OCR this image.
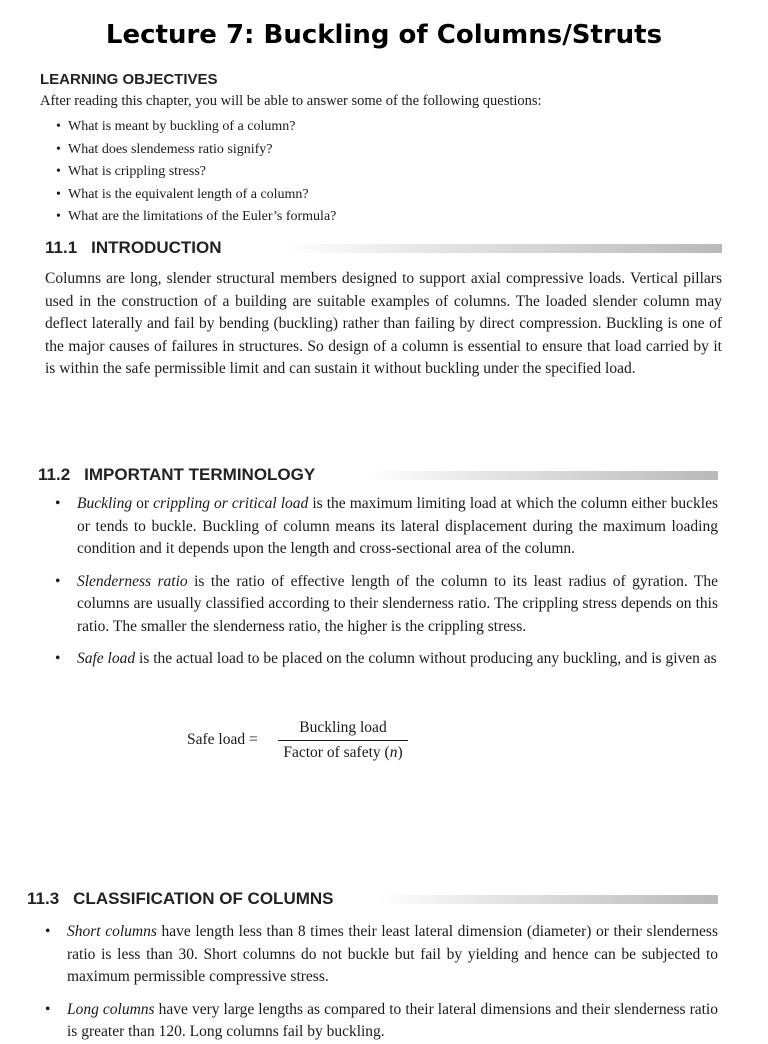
Lecture 7: Buckling of Columns/Struts
LEARNING OBJECTIVES
After reading this chapter, you will be able to answer some of the following questions:
• What is meant by buckling of a column?
• What does slendemess ratio signify?
• What is crippling stress?
• What is the equivalent length of a column?
• What are the limitations of the Euler’s formula?
11.1 INTRODUCTION

Columns are long, slender structural members designed to support axial compressive loads. Vertical pillars used in the construction of a building are suitable examples of columns. The loaded slender column may deflect laterally and fail by bending (buckling) rather than failing by direct compression. Buckling is one of the major causes of failures in structures. So design of a column is essential to ensure that load carried by it is within the safe permissible limit and can sustain it without buckling under the specified load.

11.2 IMPORTANT TERMINOLOGY
• Buckling or crippling or critical load is the maximum limiting load at which the column either buckles or tends to buckle. Buckling of column means its lateral displacement during the maximum loading condition and it depends upon the length and cross-sectional area of the column.
• Slenderness ratio is the ratio of effective length of the column to its least radius of gyration. The columns are usually classified according to their slenderness ratio. The crippling stress depends on this ratio. The smaller the slenderness ratio, the higher is the crippling stress.
• Safe load is the actual load to be placed on the column without producing any buckling, and is given as
Safe load =
Buckling load
Factor of safety (n)
11.3 CLASSIFICATION OF COLUMNS
• Short columns have length less than 8 times their least lateral dimension (diameter) or their slenderness ratio is less than 30. Short columns do not buckle but fail by yielding and hence can be subjected to maximum permissible compressive stress.
• Long columns have very large lengths as compared to their lateral dimensions and their slenderness ratio is greater than 120. Long columns fail by buckling.
